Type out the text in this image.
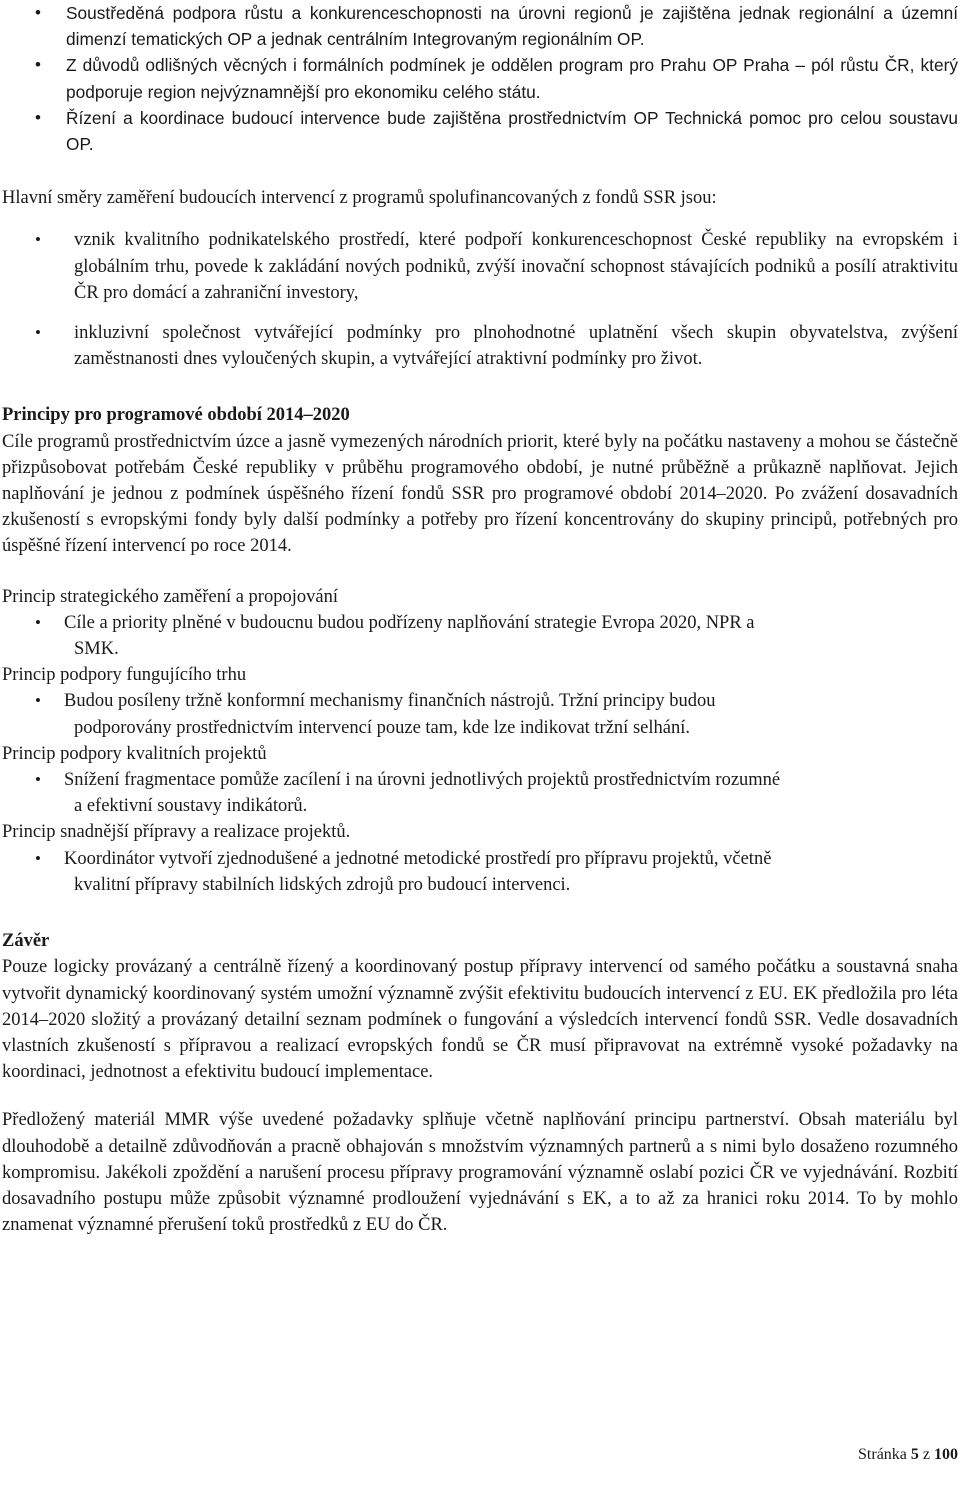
• Soustředěná podpora růstu a konkurenceschopnosti na úrovni regionů je zajištěna jednak regionální a územní dimenzí tematických OP a jednak centrálním Integrovaným regionálním OP.
• Z důvodů odlišných věcných i formálních podmínek je oddělen program pro Prahu OP Praha – pól růstu ČR, který podporuje region nejvýznamnější pro ekonomiku celého státu.
• Řízení a koordinace budoucí intervence bude zajištěna prostřednictvím OP Technická pomoc pro celou soustavu OP.

Hlavní směry zaměření budoucích intervencí z programů spolufinancovaných z fondů SSR jsou:

• vznik kvalitního podnikatelského prostředí, které podpoří konkurenceschopnost České republiky na evropském i globálním trhu, povede k zakládání nových podniků, zvýší inovační schopnost stávajících podniků a posílí atraktivitu ČR pro domácí a zahraniční investory,
• inkluzivní společnost vytvářející podmínky pro plnohodnotné uplatnění všech skupin obyvatelstva, zvýšení zaměstnanosti dnes vyloučených skupin, a vytvářející atraktivní podmínky pro život.

Principy pro programové období 2014–2020

Cíle programů prostřednictvím úzce a jasně vymezených národních priorit, které byly na počátku nastaveny a mohou se částečně přizpůsobovat potřebám České republiky v průběhu programového období, je nutné průběžně a průkazně naplňovat. Jejich naplňování je jednou z podmínek úspěšného řízení fondů SSR pro programové období 2014–2020. Po zvážení dosavadních zkušeností s evropskými fondy byly další podmínky a potřeby pro řízení koncentrovány do skupiny principů, potřebných pro úspěšné řízení intervencí po roce 2014.

Princip strategického zaměření a propojování

• Cíle a priority plněné v budoucnu budou podřízeny naplňování strategie Evropa 2020, NPR a
SMK.

Princip podpory fungujícího trhu

• Budou posíleny tržně konformní mechanismy finančních nástrojů. Tržní principy budou
podporovány prostřednictvím intervencí pouze tam, kde lze indikovat tržní selhání.

Princip podpory kvalitních projektů

• Snížení fragmentace pomůže zacílení i na úrovni jednotlivých projektů prostřednictvím rozumné
a efektivní soustavy indikátorů.

Princip snadnější přípravy a realizace projektů.

• Koordinátor vytvoří zjednodušené a jednotné metodické prostředí pro přípravu projektů, včetně
kvalitní přípravy stabilních lidských zdrojů pro budoucí intervenci.

Závěr

Pouze logicky provázaný a centrálně řízený a koordinovaný postup přípravy intervencí od samého počátku a soustavná snaha vytvořit dynamický koordinovaný systém umožní významně zvýšit efektivitu budoucích intervencí z EU. EK předložila pro léta 2014–2020 složitý a provázaný detailní seznam podmínek o fungování a výsledcích intervencí fondů SSR. Vedle dosavadních vlastních zkušeností s přípravou a realizací evropských fondů se ČR musí připravovat na extrémně vysoké požadavky na koordinaci, jednotnost a efektivitu budoucí implementace.

Předložený materiál MMR výše uvedené požadavky splňuje včetně naplňování principu partnerství. Obsah materiálu byl dlouhodobě a detailně zdůvodňován a pracně obhajován s množstvím významných partnerů a s nimi bylo dosaženo rozumného kompromisu. Jakékoli zpoždění a narušení procesu přípravy programování významně oslabí pozici ČR ve vyjednávání. Rozbití dosavadního postupu může způsobit významné prodloužení vyjednávání s EK, a to až za hranici roku 2014. To by mohlo znamenat významné přerušení toků prostředků z EU do ČR.

Stránka 5 z 100
